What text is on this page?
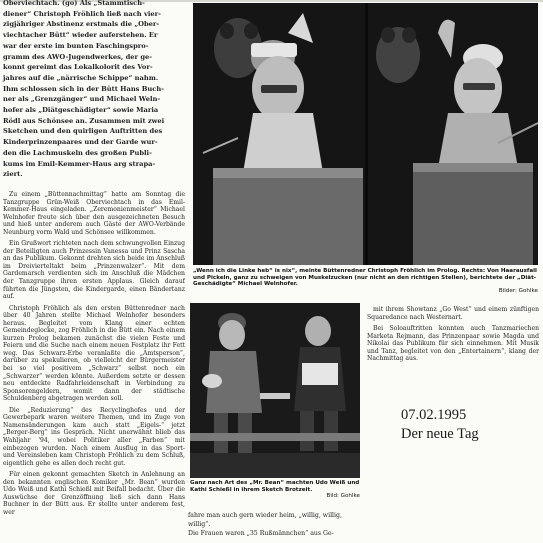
Oberviechtach. (go) Als „Stammtisch-
diener“ Christoph Fröhlich ließ nach vier-
zigjähriger Abstinenz erstmals die „Ober-
viechtacher Bütt“ wieder auferstehen. Er
war der erste im bunten Faschingspro-
gramm des AWO-Jugendwerkes, der ge-
konnt gereimt das Lokalkolorit des Vor-
jahres auf die „närrische Schippe“ nahm.
Ihm schlossen sich in der Bütt Hans Buch-
ner als „Grenzgänger“ und Michael Weln-
hofer als „Diätgeschädigter“ sowie Maria
Rödl aus Schönsee an. Zusammen mit zwei
Sketchen und den quirligen Auftritten des
Kinderprinzenpaares und der Garde wur-
den die Lachmuskeln des großen Publi-
kums im Emil-Kemmer-Haus arg strapa-
ziert.

Zu einem „Büttennachmittag“ hatte am Sonntag die Tanzgruppe Grün-Weiß Oberviechtach in das Emil-Kemmer-Haus eingeladen. „Zeremonienmeister“ Michael Welnhofer freute sich über den ausgezeichneten Besuch und hieß unter anderem auch Gäste der AWO-Verbände Neunburg vorm Wald und Schönsee willkommen.

Ein Grußwort richteten nach dem schwungvollen Einzug der Beteiligten auch Prinzessin Vanessa und Prinz Sascha an das Publikum. Gekonnt drehten sich beide im Anschluß im Dreivierteltakt beim „Prinzenwalzer“. Mit dem Gardemarsch verdienten sich im Anschluß die Mädchen der Tanzgruppe ihren ersten Applaus. Gleich darauf führten die Jüngsten, die Kindergarde, einen Bändertanz auf.

Christoph Fröhlich als den ersten Büttenredner nach über 40 Jahren stellte Michael Welnhofer besonders heraus. Begleitet vom Klang einer echten Gemeindeglocke, zog Fröhlich in die Bütt ein. Nach einem kurzen Prolog bekamen zunächst die vielen Feste und Feiern und die Suche nach einem neuen Festplatz ihr Fett weg. Das Schwarz-Erbe veranlaßte die „Amtsperson“, darüber zu spekulieren, ob vielleicht der Bürgermeister bei so viel positivem „Schwarz“ selbst noch ein „Schwarzer“ werden könnte. Außerdem setzte er dessen neu entdeckte Radfahrleidenschaft in Verbindung zu Sponsorengeldern, womit dann der städtische Schuldenberg abgetragen werden soll.

Die „Reduzierung“ des Recyclinghofes und der Gewerbepark waren weitere Themen, und im Zuge von Namensänderungen kam auch statt „Eigels-“ jetzt „Berger-Berg“ ins Gespräch. Nicht unerwähnt blieb das Wahljahr '94, wobei Politiker aller „Farben“ mit einbezogen wurden. Nach einem Ausflug in das Sport- und Vereinsleben kam Christoph Fröhlich zu dem Schluß, eigentlich gehe es allen doch recht gut.

Für einen gekonnt gemachten Sketch in Anlehnung an den bekannten englischen Komiker „Mr. Bean“ wurden Udo Weiß und Kathi Schießl mit Beifall bedacht. Über die Auswüchse der Grenzöffnung ließ sich dann Hans Buchner in der Bütt aus. Er stellte unter anderem fest, wer

„Wenn ich die Linke heb“ is nix“, meinte Büttenredner Christoph Fröhlich im Prolog. Rechts: Von Haarausfall und Pickeln, ganz zu schweigen von Muskelzucken (nur nicht an den richtigen Stellen), berichtete der „Diät-Geschädigte“ Michael Welnhofer.
Bilder: Gohlke

mit ihrem Showtanz „Go West“ und einem zünftigen Squaredance nach Westernart.

Bei Soloauftritten konnten auch Tanzmariechen Marketa Rejmann, das Prinzenpaar sowie Magda und Nikolai das Publikum für sich einnehmen. Mit Musik und Tanz, begleitet von den „Entertainern“, klang der Nachmittag aus.

Ganz nach Art des „Mr. Bean“ machten Udo Weiß und Kathi Schießl in ihrem Sketch Brotzeit.
Bild: Gohlke
fahre man auch gern wieder heim, „willig, willig,
willig“.
Die Frauen waren „35 Rußmännchen“ aus Ge-
07.02.1995
Der neue Tag
